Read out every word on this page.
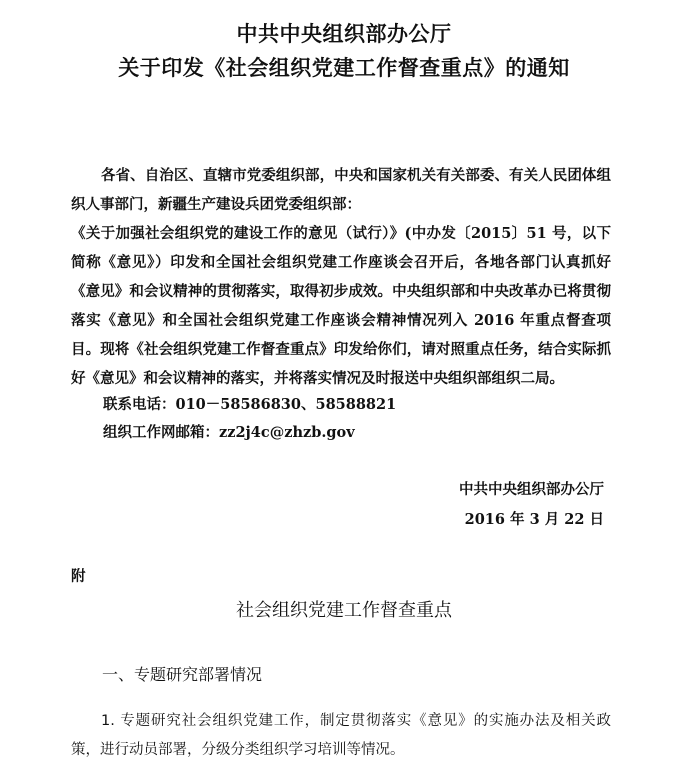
中共中央组织部办公厅
关于印发《社会组织党建工作督查重点》的通知
各省、自治区、直辖市党委组织部，中央和国家机关有关部委、有关人民团体组织人事部门，新疆生产建设兵团党委组织部：
《关于加强社会组织党的建设工作的意见（试行）》(中办发〔2015〕51 号，以下简称《意见》）印发和全国社会组织党建工作座谈会召开后，各地各部门认真抓好《意见》和会议精神的贯彻落实，取得初步成效。中央组织部和中央改革办已将贯彻落实《意见》和全国社会组织党建工作座谈会精神情况列入 2016 年重点督查项目。现将《社会组织党建工作督查重点》印发给你们，请对照重点任务，结合实际抓好《意见》和会议精神的落实，并将落实情况及时报送中央组织部组织二局。
联系电话：010－58586830、58588821
组织工作网邮箱：zz2j4c@zhzb.gov
中共中央组织部办公厅
2016 年 3 月 22 日
附
社会组织党建工作督查重点
一、专题研究部署情况
1. 专题研究社会组织党建工作，制定贯彻落实《意见》的实施办法及相关政策，进行动员部署，分级分类组织学习培训等情况。
